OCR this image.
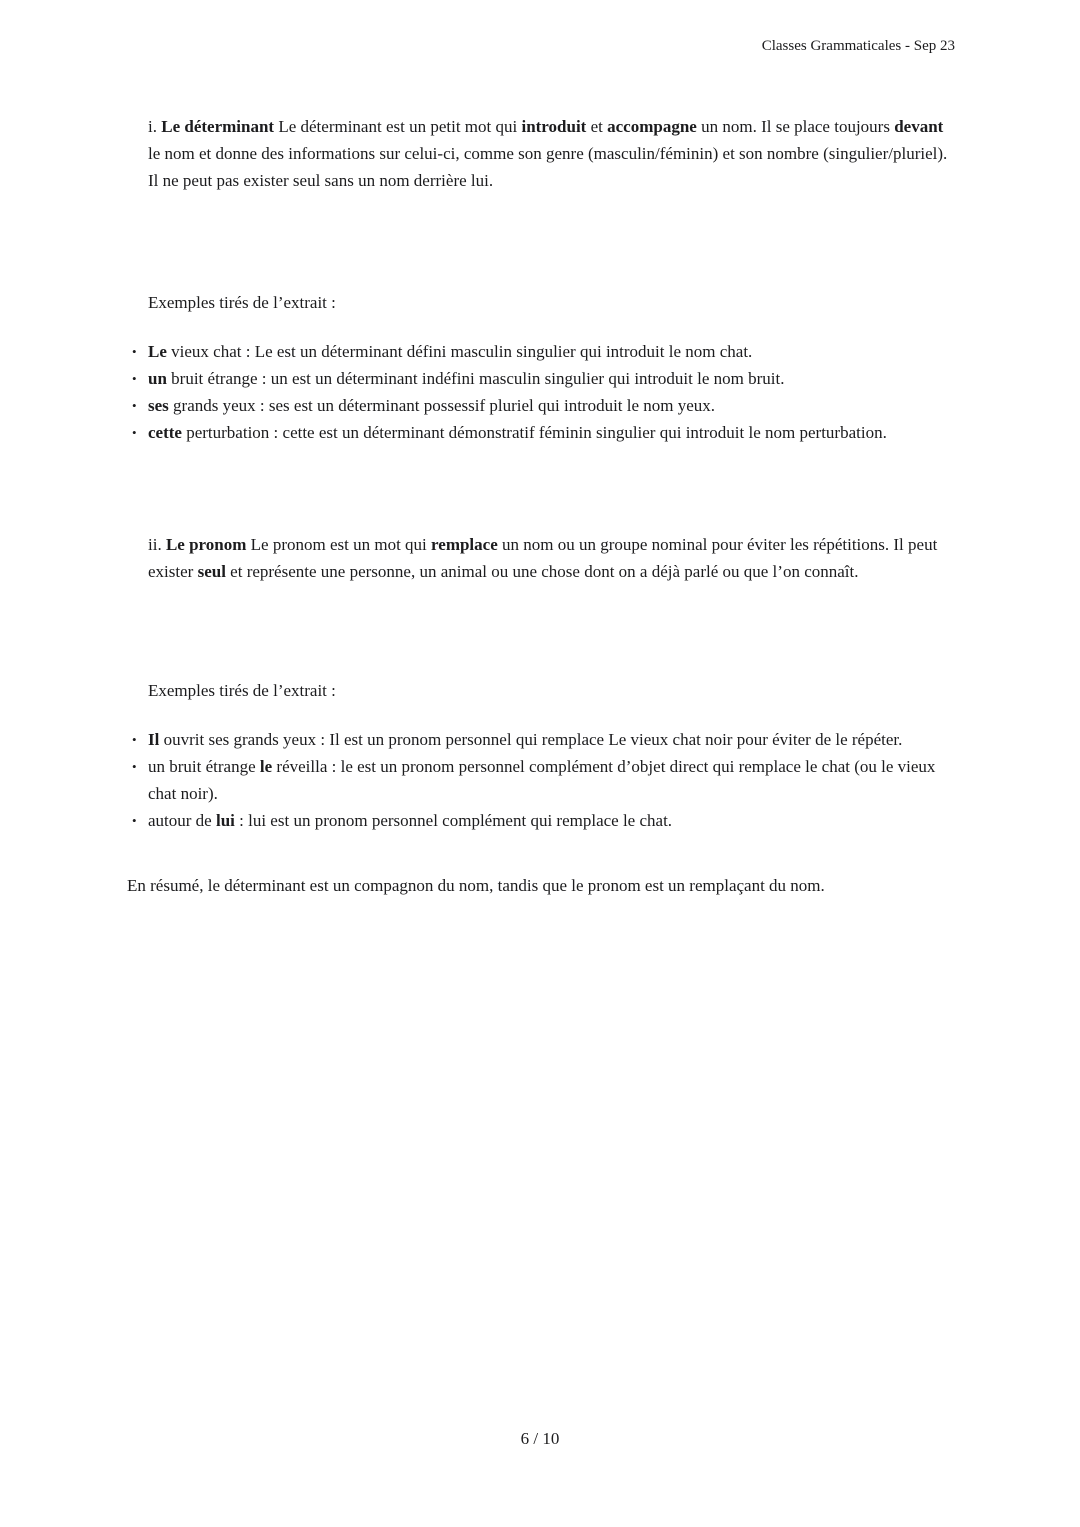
Classes Grammaticales - Sep 23

i. Le déterminant Le déterminant est un petit mot qui introduit et accompagne un nom. Il se place toujours devant le nom et donne des informations sur celui-ci, comme son genre (masculin/féminin) et son nombre (singulier/pluriel). Il ne peut pas exister seul sans un nom derrière lui.

Exemples tirés de l’extrait :

• Le vieux chat : Le est un déterminant défini masculin singulier qui introduit le nom chat.
• un bruit étrange : un est un déterminant indéfini masculin singulier qui introduit le nom bruit.
• ses grands yeux : ses est un déterminant possessif pluriel qui introduit le nom yeux.
• cette perturbation : cette est un déterminant démonstratif féminin singulier qui introduit le nom perturbation.

ii. Le pronom Le pronom est un mot qui remplace un nom ou un groupe nominal pour éviter les répétitions. Il peut exister seul et représente une personne, un animal ou une chose dont on a déjà parlé ou que l’on connaît.

Exemples tirés de l’extrait :

• Il ouvrit ses grands yeux : Il est un pronom personnel qui remplace Le vieux chat noir pour éviter de le répéter.
• un bruit étrange le réveilla : le est un pronom personnel complément d’objet direct qui remplace le chat (ou le vieux chat noir).
• autour de lui : lui est un pronom personnel complément qui remplace le chat.

En résumé, le déterminant est un compagnon du nom, tandis que le pronom est un remplaçant du nom.

6 / 10
